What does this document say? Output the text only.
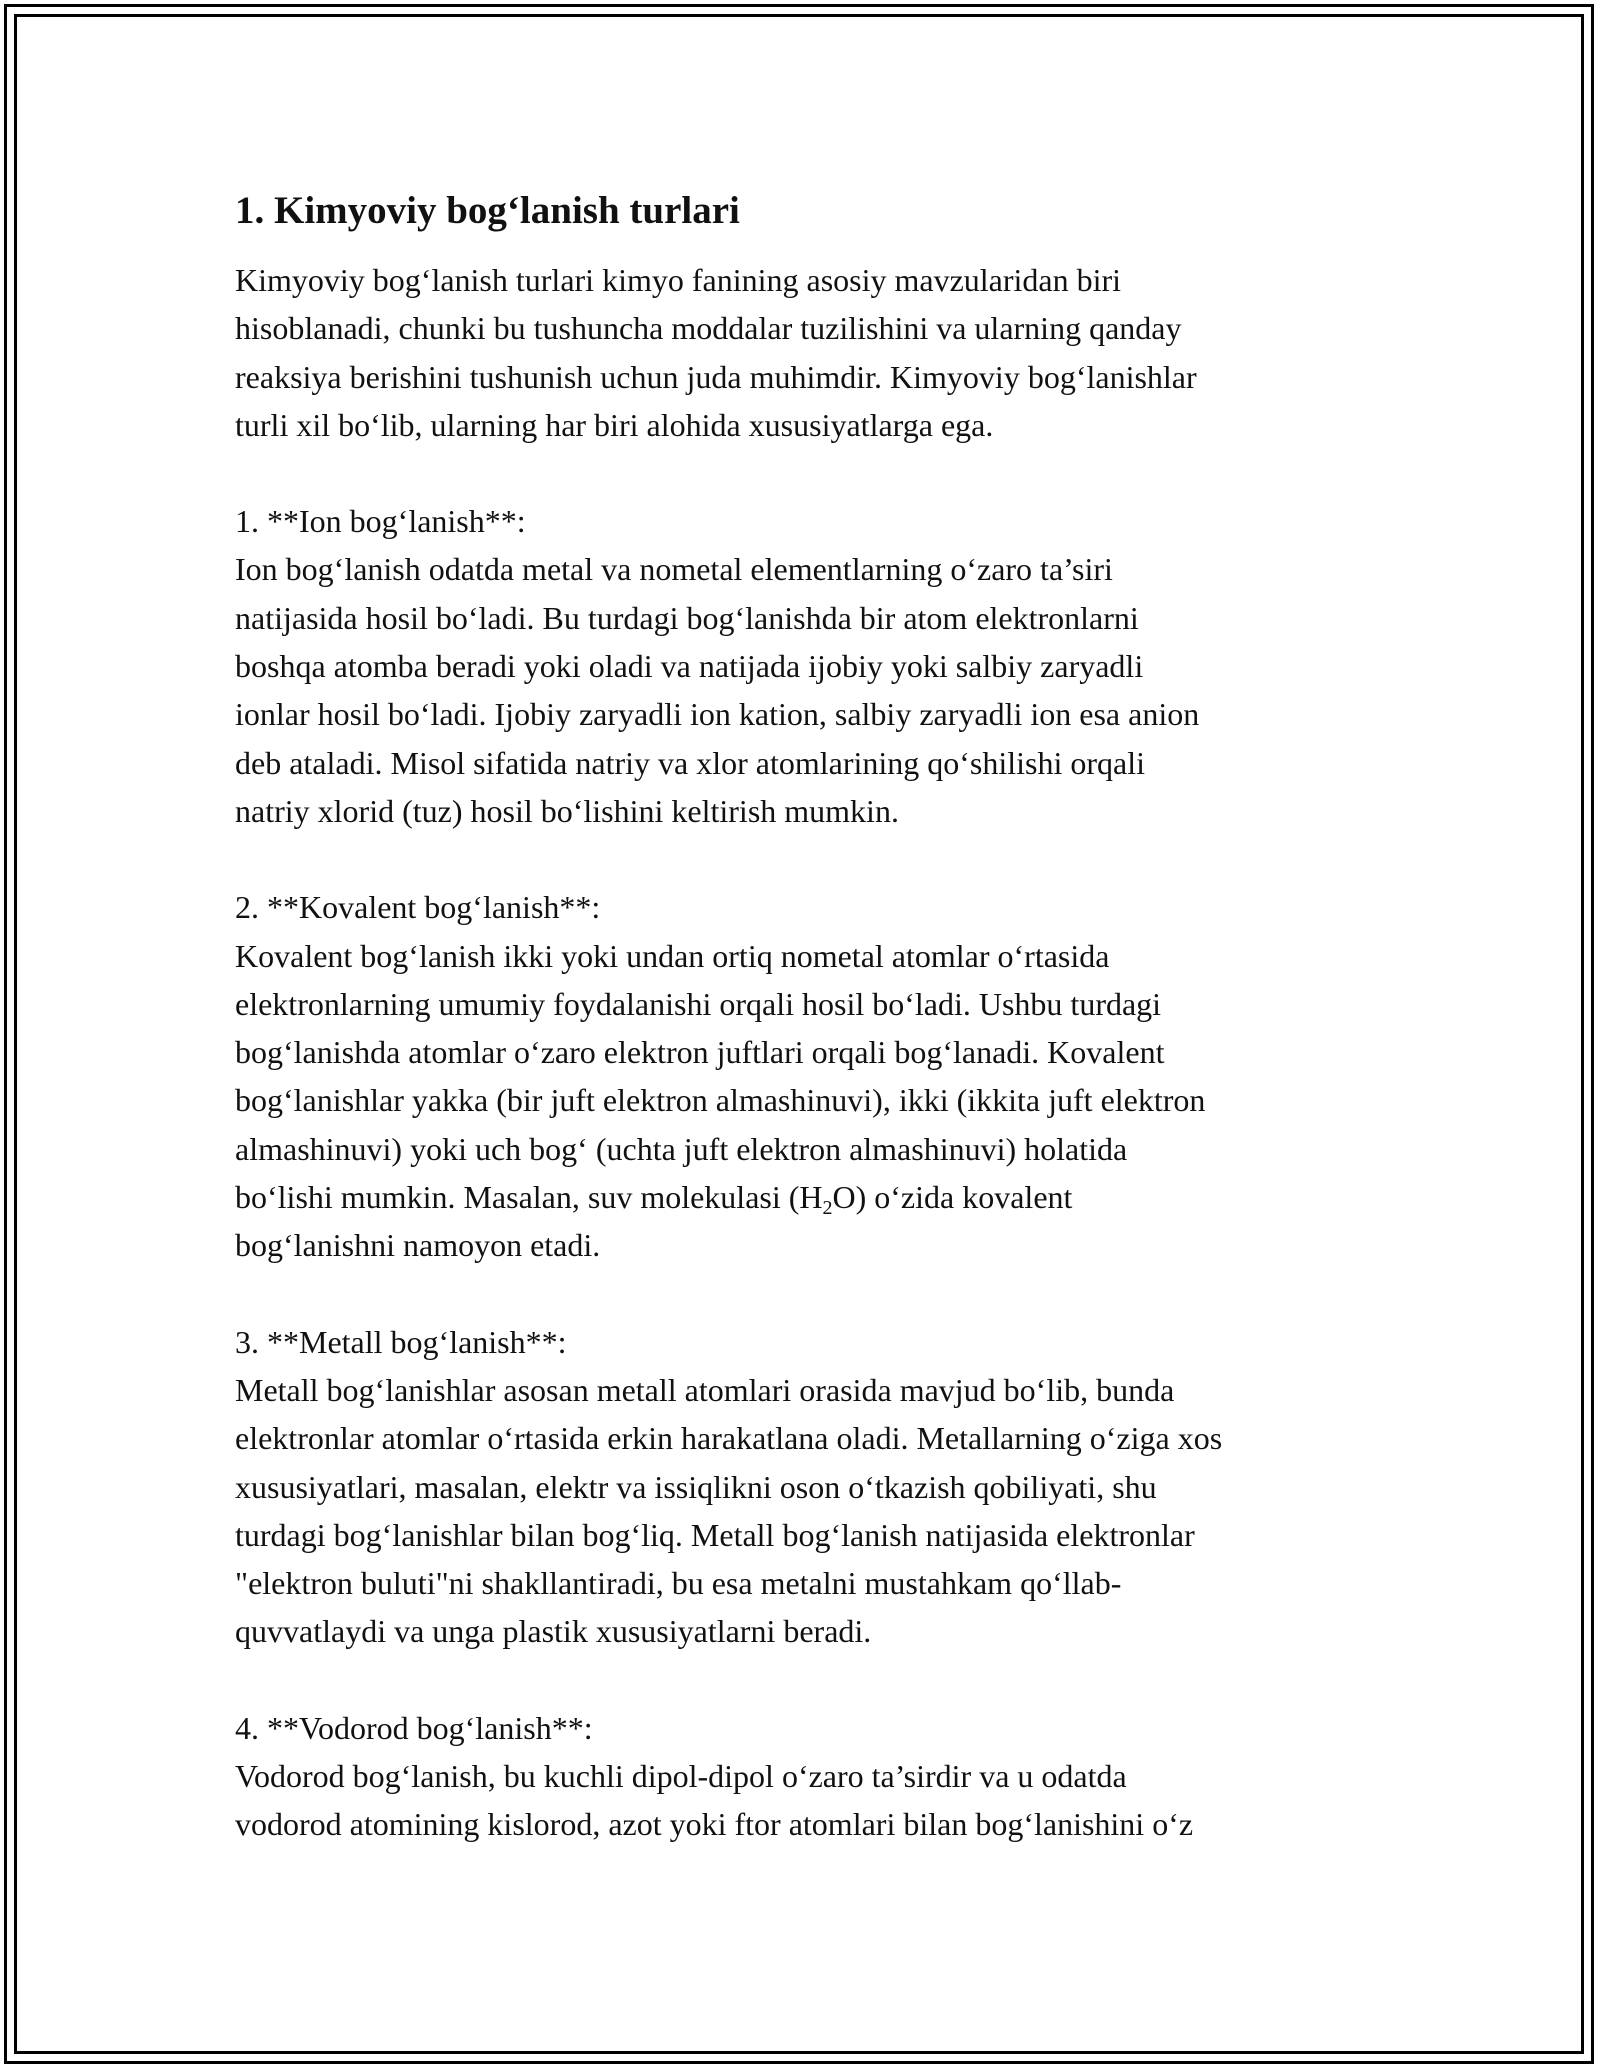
1. Kimyoviy bog‘lanish turlari

Kimyoviy bog‘lanish turlari kimyo fanining asosiy mavzularidan biri
hisoblanadi, chunki bu tushuncha moddalar tuzilishini va ularning qanday
reaksiya berishini tushunish uchun juda muhimdir. Kimyoviy bog‘lanishlar
turli xil bo‘lib, ularning har biri alohida xususiyatlarga ega.

1. **Ion bog‘lanish**:
Ion bog‘lanish odatda metal va nometal elementlarning o‘zaro ta’siri
natijasida hosil bo‘ladi. Bu turdagi bog‘lanishda bir atom elektronlarni
boshqa atomba beradi yoki oladi va natijada ijobiy yoki salbiy zaryadli
ionlar hosil bo‘ladi. Ijobiy zaryadli ion kation, salbiy zaryadli ion esa anion
deb ataladi. Misol sifatida natriy va xlor atomlarining qo‘shilishi orqali
natriy xlorid (tuz) hosil bo‘lishini keltirish mumkin.

2. **Kovalent bog‘lanish**:
Kovalent bog‘lanish ikki yoki undan ortiq nometal atomlar o‘rtasida
elektronlarning umumiy foydalanishi orqali hosil bo‘ladi. Ushbu turdagi
bog‘lanishda atomlar o‘zaro elektron juftlari orqali bog‘lanadi. Kovalent
bog‘lanishlar yakka (bir juft elektron almashinuvi), ikki (ikkita juft elektron
almashinuvi) yoki uch bog‘ (uchta juft elektron almashinuvi) holatida
bo‘lishi mumkin. Masalan, suv molekulasi $(H_2O)$ o‘zida kovalent
bog‘lanishni namoyon etadi.

3. **Metall bog‘lanish**:
Metall bog‘lanishlar asosan metall atomlari orasida mavjud bo‘lib, bunda
elektronlar atomlar o‘rtasida erkin harakatlana oladi. Metallarning o‘ziga xos
xususiyatlari, masalan, elektr va issiqlikni oson o‘tkazish qobiliyati, shu
turdagi bog‘lanishlar bilan bog‘liq. Metall bog‘lanish natijasida elektronlar
"elektron buluti"ni shakllantiradi, bu esa metalni mustahkam qo‘llab-
quvvatlaydi va unga plastik xususiyatlarni beradi.

4. **Vodorod bog‘lanish**:
Vodorod bog‘lanish, bu kuchli dipol-dipol o‘zaro ta’sirdir va u odatda
vodorod atomining kislorod, azot yoki ftor atomlari bilan bog‘lanishini o‘z
